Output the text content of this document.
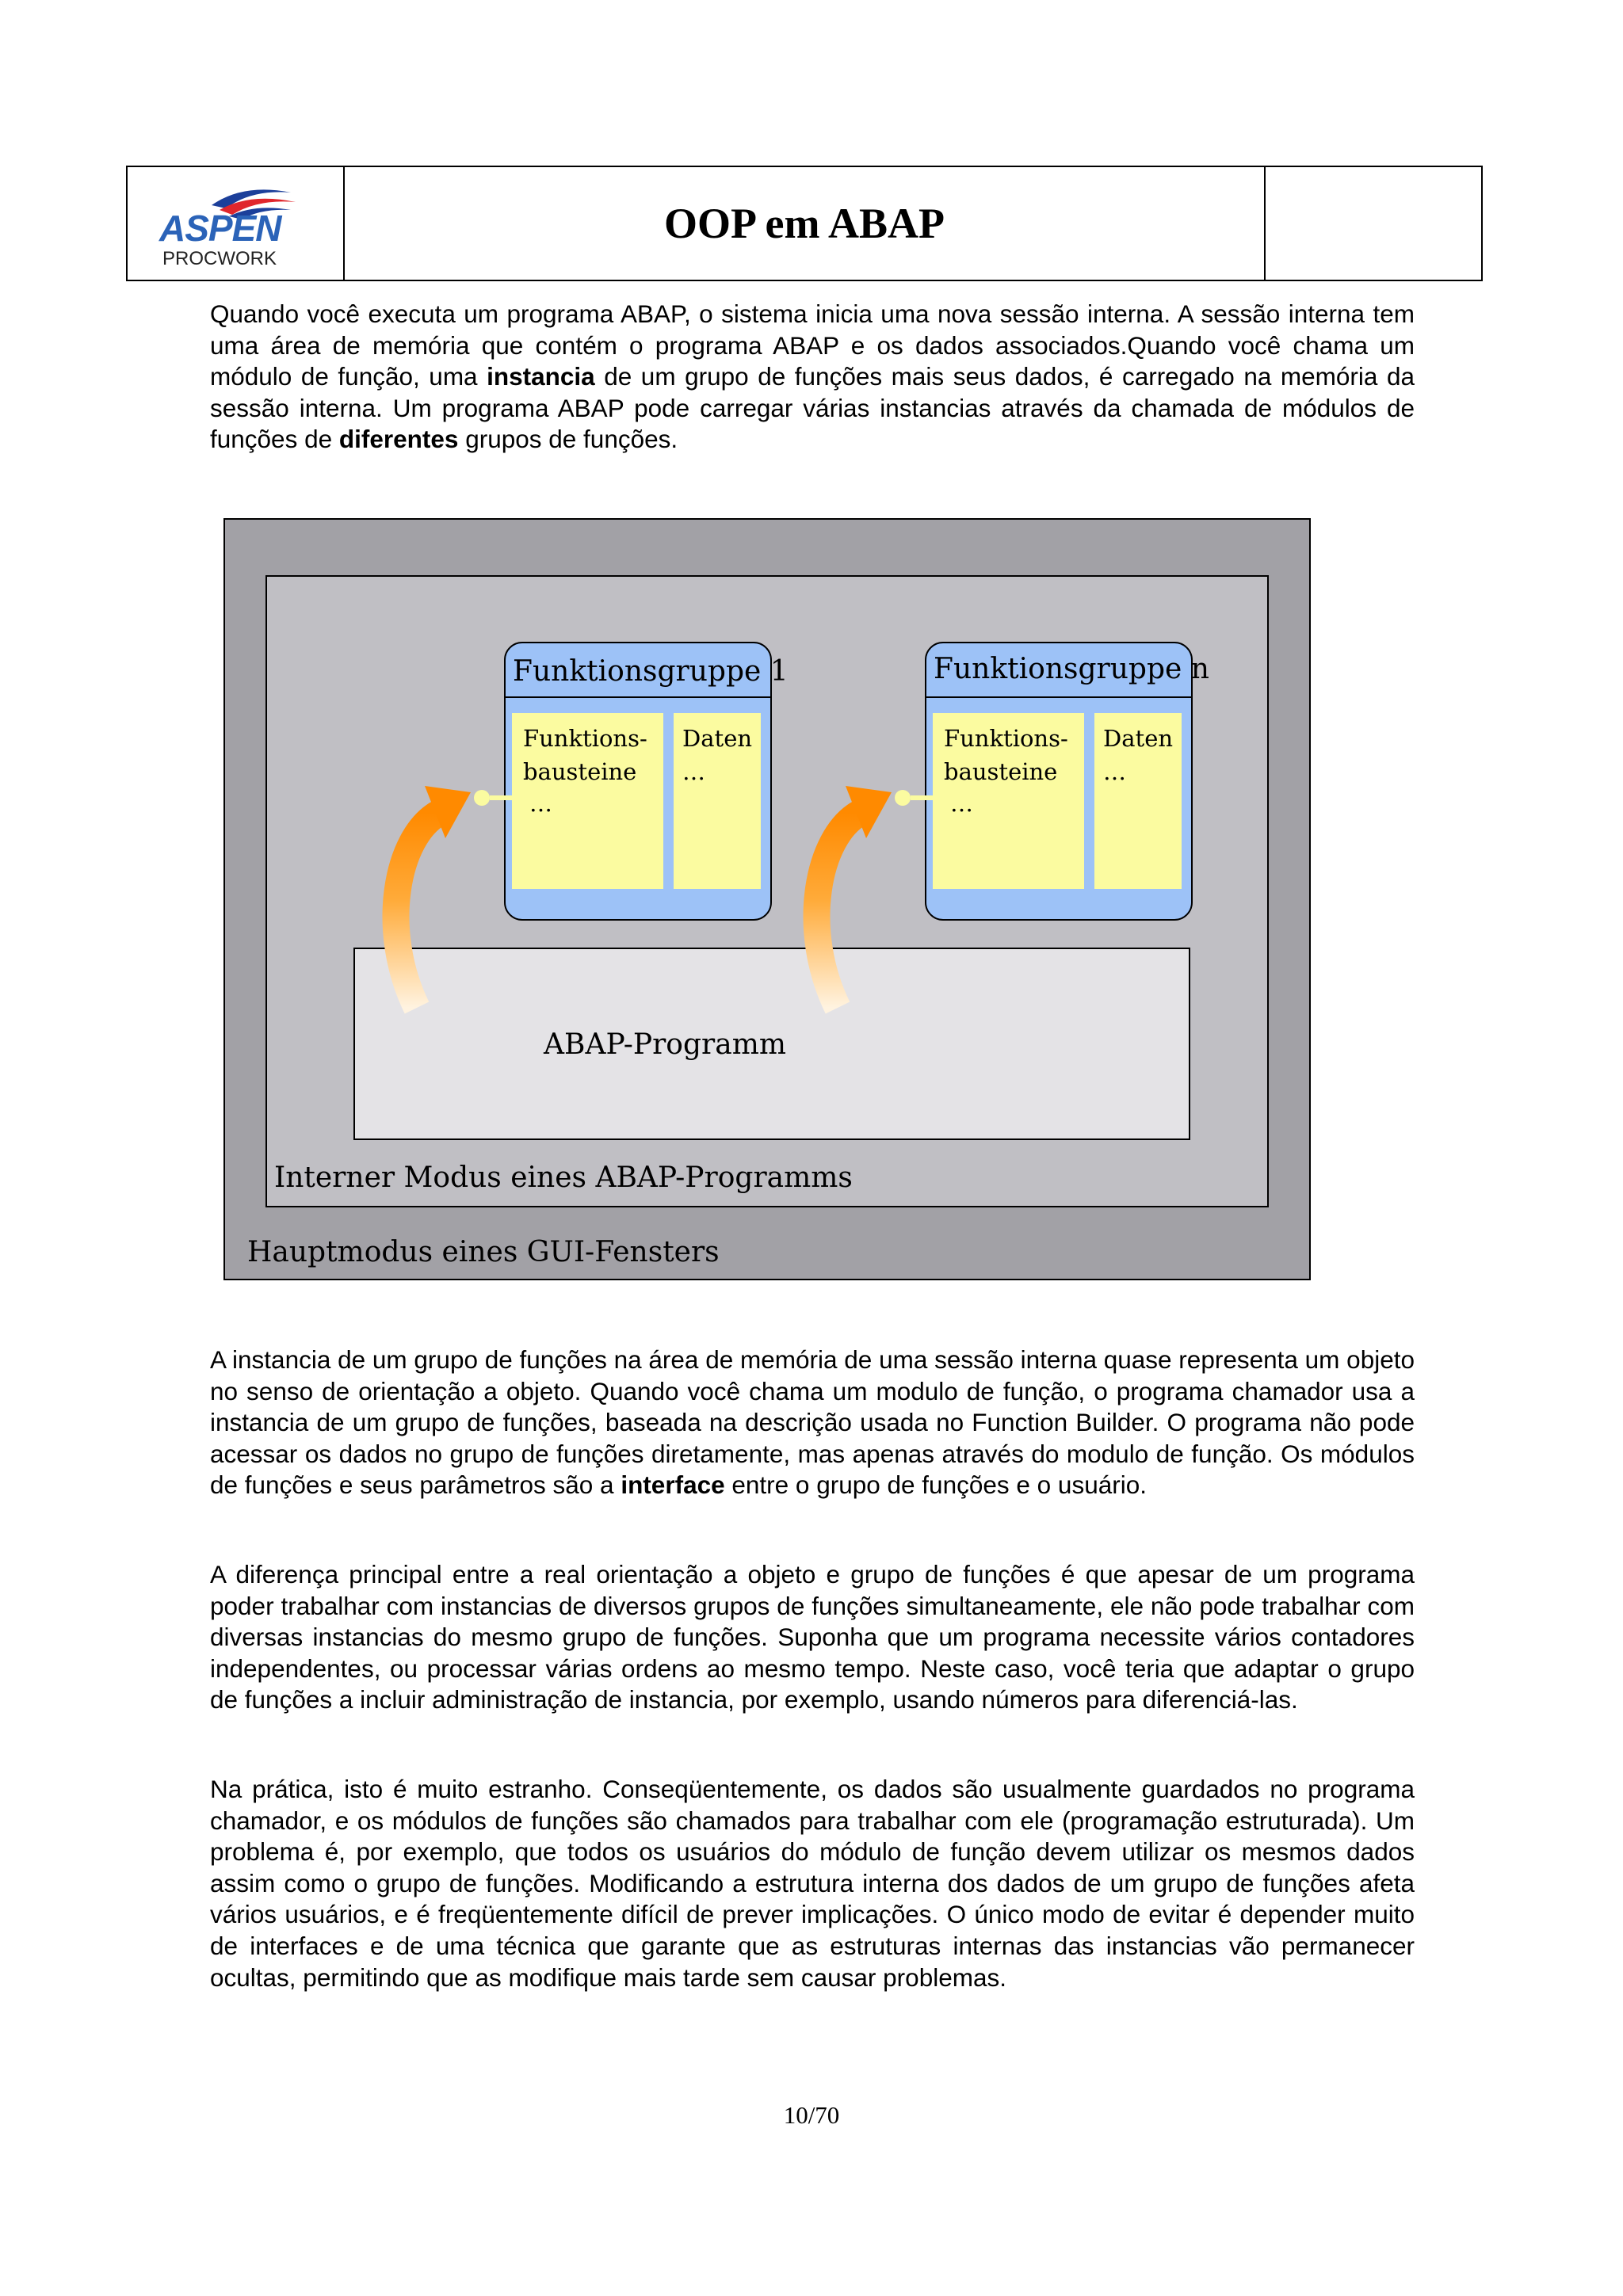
ASPEN
PROCWORK
OOP em ABAP
Quando você executa um programa ABAP, o sistema inicia uma nova sessão interna. A sessão interna tem uma área de memória que contém o programa ABAP e os dados associados.Quando você chama um módulo de função, uma instancia de um grupo de funções mais seus dados, é carregado na memória da sessão interna. Um programa ABAP pode carregar várias instancias através da chamada de módulos de funções de diferentes grupos de funções.
Funktionsgruppe 1	Funktionsgruppe n
Funktions-
bausteine
…
Daten
…
Funktions-
bausteine
…
Daten
…
ABAP-Programm
Interner Modus eines ABAP-Programms
Hauptmodus eines GUI-Fensters
A instancia de um grupo de funções na área de memória de uma sessão interna quase representa um objeto no senso de orientação a objeto. Quando você chama um modulo de função, o programa chamador usa a instancia de um grupo de funções, baseada na descrição usada no Function Builder. O programa não pode acessar os dados no grupo de funções diretamente, mas apenas através do modulo de função. Os módulos de funções e seus parâmetros são a interface entre o grupo de funções e o usuário.
A diferença principal entre a real orientação a objeto e grupo de funções é que apesar de um programa poder trabalhar com instancias de diversos grupos de funções simultaneamente, ele não pode trabalhar com diversas instancias do mesmo grupo de funções. Suponha que um programa necessite vários contadores independentes, ou processar várias ordens ao mesmo tempo. Neste caso, você teria que adaptar o grupo de funções a incluir administração de instancia, por exemplo, usando números para diferenciá-las.
Na prática, isto é muito estranho. Conseqüentemente, os dados são usualmente guardados no programa chamador, e os módulos de funções são chamados para trabalhar com ele (programação estruturada). Um problema é, por exemplo, que todos os usuários do módulo de função devem utilizar os mesmos dados assim como o grupo de funções. Modificando a estrutura interna dos dados de um grupo de funções afeta vários usuários, e é freqüentemente difícil de prever implicações. O único modo de evitar é depender muito de interfaces e de uma técnica que garante que as estruturas internas das instancias vão permanecer ocultas, permitindo que as modifique mais tarde sem causar problemas.
10/70
